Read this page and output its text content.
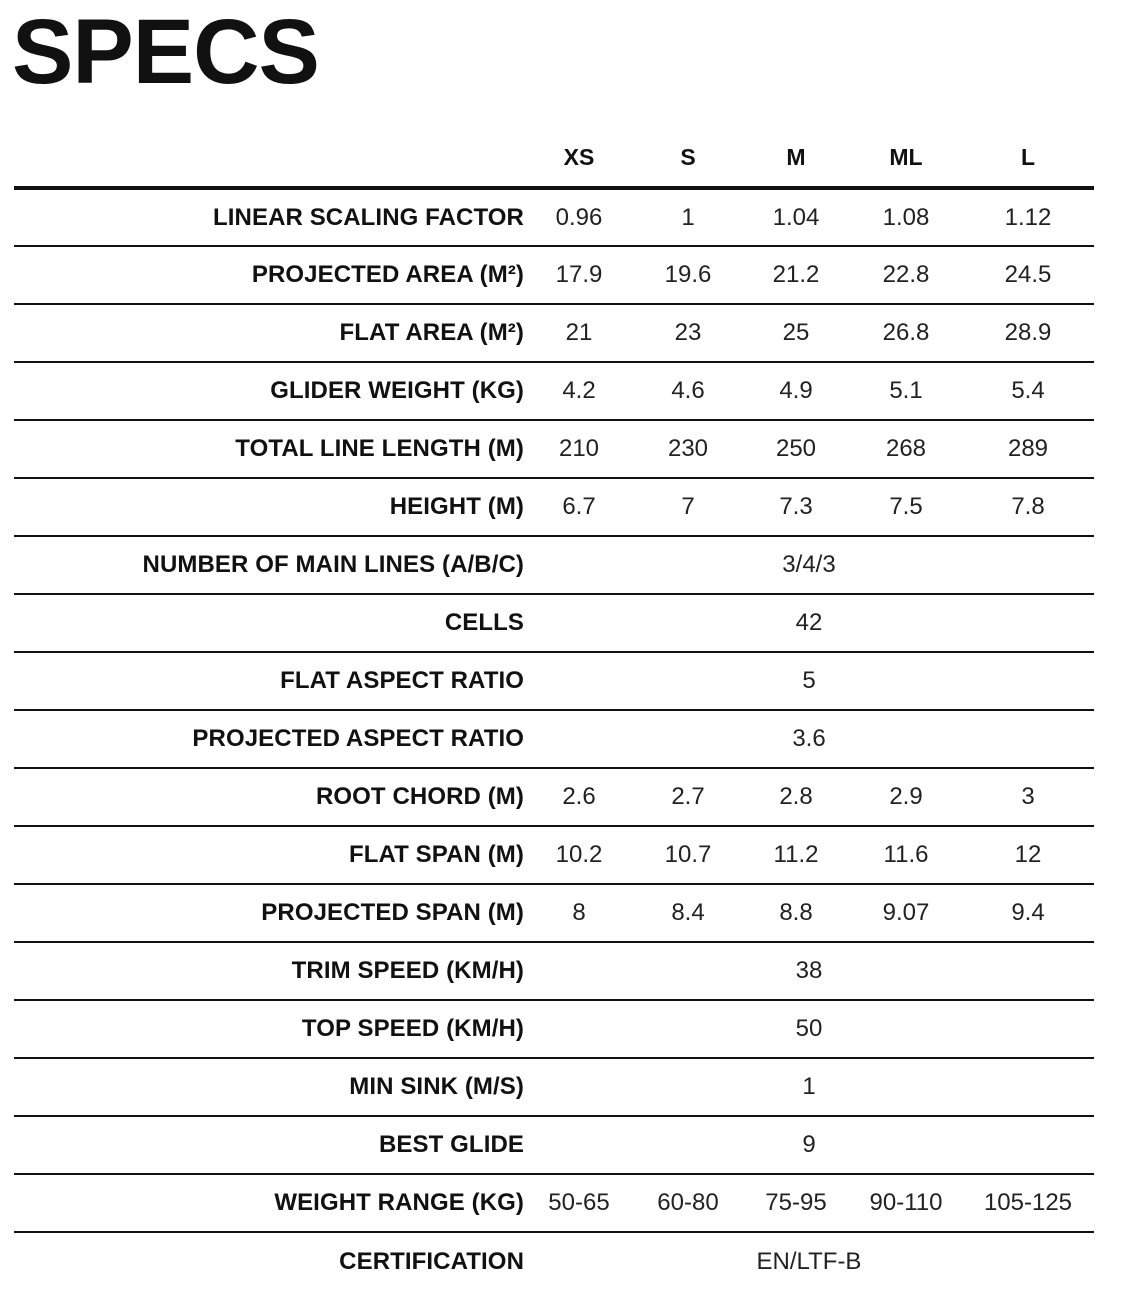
SPECS
	XS	S	M	ML	L
LINEAR SCALING FACTOR	0.96	1	1.04	1.08	1.12
PROJECTED AREA (M²)	17.9	19.6	21.2	22.8	24.5
FLAT AREA (M²)	21	23	25	26.8	28.9
GLIDER WEIGHT (KG)	4.2	4.6	4.9	5.1	5.4
TOTAL LINE LENGTH (M)	210	230	250	268	289
HEIGHT (M)	6.7	7	7.3	7.5	7.8
NUMBER OF MAIN LINES (A/B/C)	3/4/3				
CELLS	42				
FLAT ASPECT RATIO	5				
PROJECTED ASPECT RATIO	3.6				
ROOT CHORD (M)	2.6	2.7	2.8	2.9	3
FLAT SPAN (M)	10.2	10.7	11.2	11.6	12
PROJECTED SPAN (M)	8	8.4	8.8	9.07	9.4
TRIM SPEED (KM/H)	38				
TOP SPEED (KM/H)	50				
MIN SINK (M/S)	1				
BEST GLIDE	9				
WEIGHT RANGE (KG)	50-65	60-80	75-95	90-110	105-125
CERTIFICATION	EN/LTF-B				
